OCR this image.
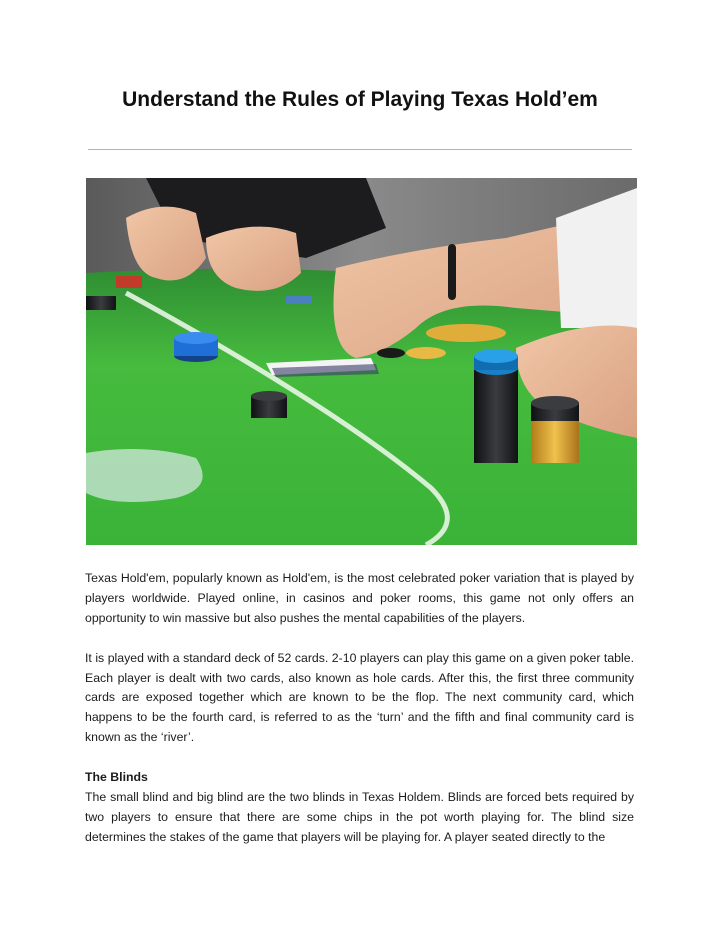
Understand the Rules of Playing Texas Hold’em

Texas Hold'em, popularly known as Hold'em, is the most celebrated poker variation that is played by players worldwide. Played online, in casinos and poker rooms, this game not only offers an opportunity to win massive but also pushes the mental capabilities of the players.

It is played with a standard deck of 52 cards. 2-10 players can play this game on a given poker table. Each player is dealt with two cards, also known as hole cards. After this, the first three community cards are exposed together which are known to be the flop. The next community card, which happens to be the fourth card, is referred to as the ‘turn’ and the fifth and final community card is known as the ‘river’.

The Blinds

The small blind and big blind are the two blinds in Texas Holdem. Blinds are forced bets required by two players to ensure that there are some chips in the pot worth playing for. The blind size determines the stakes of the game that players will be playing for. A player seated directly to the
